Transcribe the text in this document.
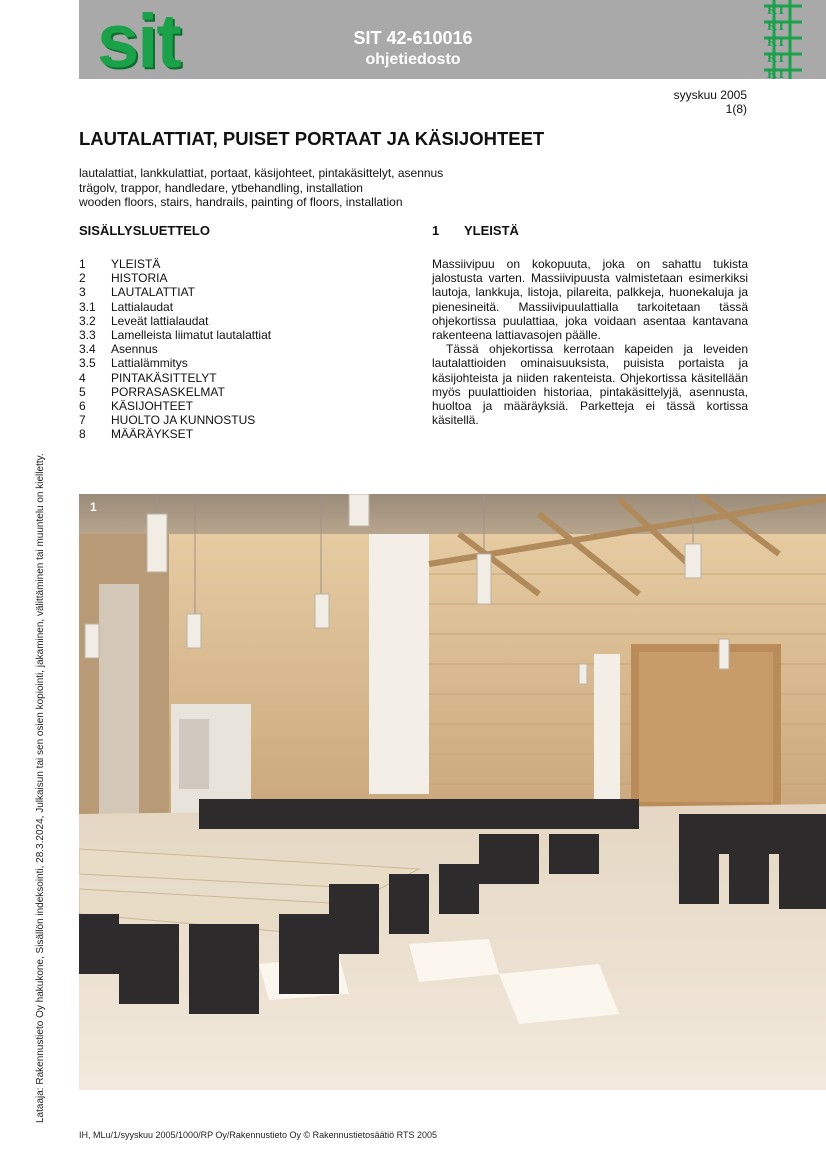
sit	SIT 42-610016
ohjetiedosto
RT
RT
RT
RT
RT
syyskuu 2005
1(8)
LAUTALATTIAT, PUISET PORTAAT JA KÄSIJOHTEET
lautalattiat, lankkulattiat, portaat, käsijohteet, pintakäsittelyt, asennus
trägolv, trappor, handledare, ytbehandling, installation
wooden floors, stairs, handrails, painting of floors, installation
SISÄLLYSLUETTELO	1	YLEISTÄ
1	YLEISTÄ
2	HISTORIA
3	LAUTALATTIAT
3.1	Lattialaudat
3.2	Leveät lattialaudat
3.3	Lamelleista liimatut lautalattiat
3.4	Asennus
3.5	Lattialämmitys
4	PINTAKÄSITTELYT
5	PORRASASKELMAT
6	KÄSIJOHTEET
7	HUOLTO JA KUNNOSTUS
8	MÄÄRÄYKSET

Massiivipuu on kokopuuta, joka on sahattu tukista jalostusta varten. Massiivipuusta valmistetaan esimerkiksi lautoja, lankkuja, listoja, pilareita, palkkeja, huonekaluja ja pienesineitä. Massiivipuulattialla tarkoitetaan tässä ohjekortissa puulattiaa, joka voidaan asentaa kantavana rakenteena lattiavasojen päälle.

Tässä ohjekortissa kerrotaan kapeiden ja leveiden lautalattioiden ominaisuuksista, puisista portaista ja käsijohteista ja niiden rakenteista. Ohjekortissa käsitellään myös puulattioiden historiaa, pintakäsittelyjä, asennusta, huoltoa ja määräyksiä. Parketteja ei tässä kortissa käsitellä.

1
Lataaja: Rakennustieto Oy hakukone, Sisällön indeksointi, 28.3.2024, Julkaisun tai sen osien kopiointi, jakaminen, välittäminen tai muuntelu on kielletty.
IH, MLu/1/syyskuu 2005/1000/RP Oy/Rakennustieto Oy © Rakennustietosäätiö RTS 2005
